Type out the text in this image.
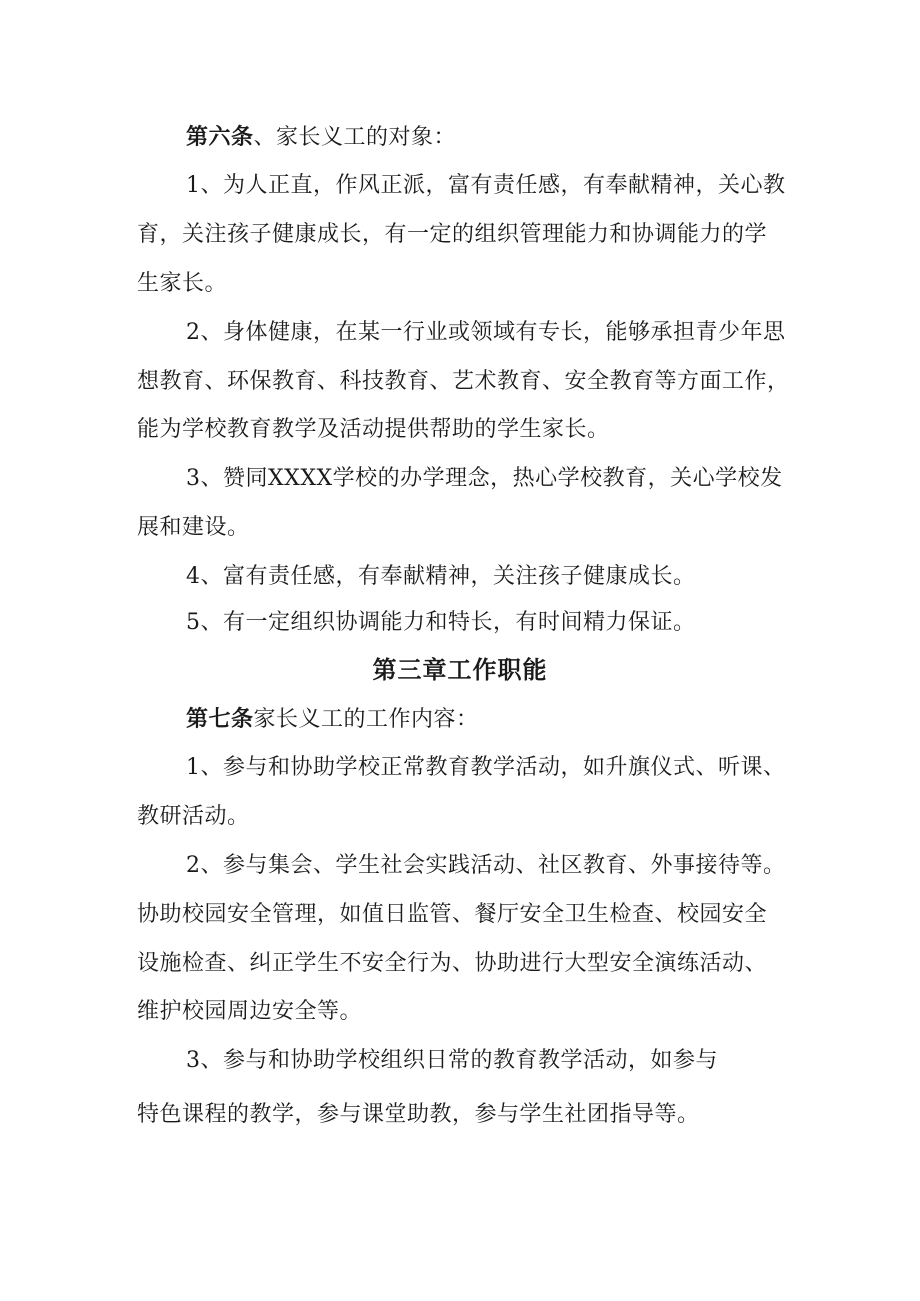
第六条、家长义工的对象：
1、为人正直，作风正派，富有责任感，有奉献精神，关心教
育，关注孩子健康成长，有一定的组织管理能力和协调能力的学
生家长。
2、身体健康，在某一行业或领域有专长，能够承担青少年思
想教育、环保教育、科技教育、艺术教育、安全教育等方面工作，
能为学校教育教学及活动提供帮助的学生家长。
3、赞同XXXX学校的办学理念，热心学校教育，关心学校发
展和建设。
4、富有责任感，有奉献精神，关注孩子健康成长。
5、有一定组织协调能力和特长，有时间精力保证。
第三章工作职能
第七条家长义工的工作内容：
1、参与和协助学校正常教育教学活动，如升旗仪式、听课、
教研活动。
2、参与集会、学生社会实践活动、社区教育、外事接待等。
协助校园安全管理，如值日监管、餐厅安全卫生检查、校园安全
设施检查、纠正学生不安全行为、协助进行大型安全演练活动、
维护校园周边安全等。
3、参与和协助学校组织日常的教育教学活动，如参与
特色课程的教学，参与课堂助教，参与学生社团指导等。
